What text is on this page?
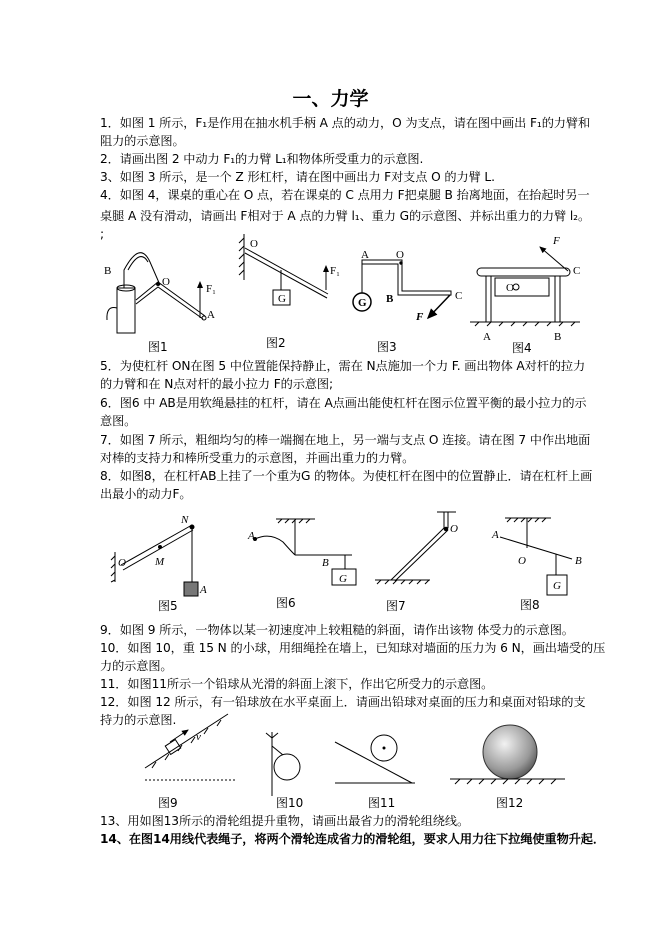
一、力学
1．如图 1 所示，F₁是作用在抽水机手柄 A 点的动力，O 为支点，请在图中画出 F₁的力臂和
阻力的示意图。
2．请画出图 2 中动力 F₁的力臂 L₁和物体所受重力的示意图.
3、如图 3 所示，是一个 Z 形杠杆，请在图中画出力 F对支点 O 的力臂 L.
4．如图 4，课桌的重心在 O 点，若在课桌的 C 点用力 F把桌腿 B 抬离地面，在抬起时另一
桌腿 A 没有滑动，请画出 F相对于 A 点的力臂 l₁、重力 G的示意图、并标出重力的力臂 l₂。
;
5．为使杠杆 ON在图 5 中位置能保持静止，需在 N点施加一个力 F. 画出物体 A对杆的拉力
的力臂和在 N点对杆的最小拉力 F的示意图;
6．图6 中 AB是用软绳悬挂的杠杆，请在 A点画出能使杠杆在图示位置平衡的最小拉力的示
意图。
7．如图 7 所示，粗细均匀的棒一端搁在地上，另一端与支点 O 连接。请在图 7 中作出地面
对棒的支持力和棒所受重力的示意图，并画出重力的力臂。
8．如图8，在杠杆AB上挂了一个重为G 的物体。为使杠杆在图中的位置静止．请在杠杆上画
出最小的动力F。
9．如图 9 所示，一物体以某一初速度冲上较粗糙的斜面，请作出该物 体受力的示意图。
10．如图 10，重 15 N 的小球，用细绳拴在墙上，已知球对墙面的压力为 6 N，画出墙受的压
力的示意图。
11．如图11所示一个铅球从光滑的斜面上滚下，作出它所受力的示意图。
12．如图 12 所示，有一铅球放在水平桌面上．请画出铅球对桌面的压力和桌面对铅球的支
持力的示意图.
13、用如图13所示的滑轮组提升重物，请画出最省力的滑轮组绕线。
14、在图14用线代表绳子，将两个滑轮连成省力的滑轮组，要求人用力往下拉绳使重物升起．
B
O
F₁
A
图1
O
G
F₁
图2
A O
B	C
G
F
图3
F
C
O
A	B
图4
N
M
O
A
图5
A
B
G
图6
O
图7
A
O	B
G
图8
v
图9	图10	图11	图12
